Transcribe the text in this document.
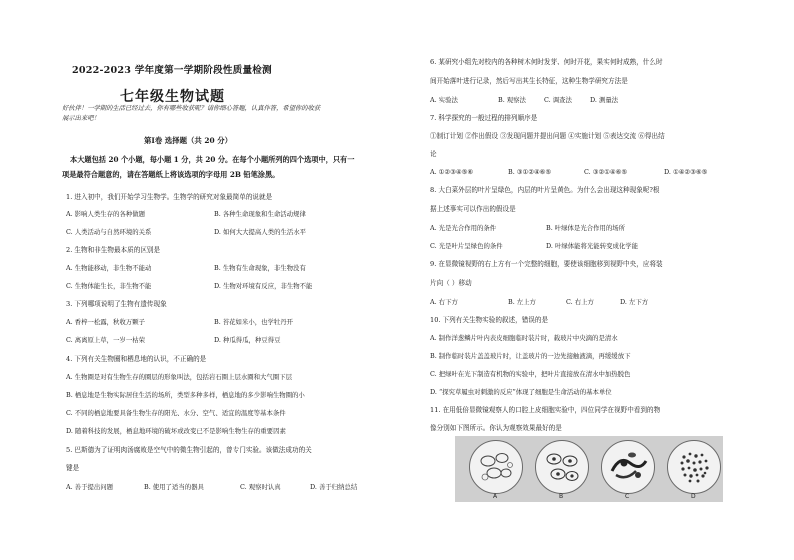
2022-2023 学年度第一学期阶段性质量检测
七年级生物试题
好伙伴！一学期的生活已经过去，你有哪些收获呢？请你细心答题，认真作答，希望你的收获
展示出来吧！
第Ⅰ卷 选择题（共 20 分）
本大题包括 20 个小题，每小题 1 分，共 20 分。在每个小题所列的四个选项中，只有一
项是最符合题意的，请在答题纸上将该选项的字母用 2B 铅笔涂黑。
1. 进入初中，我们开始学习生物学。生物学的研究对象最简单的说就是
A. 影响人类生存的各种做题	B. 各种生命现象和生命活动规律
C. 人类活动与自然环境的关系	D. 如何大大提高人类的生活水平
2. 生物和非生物最本质的区别是
A. 生物能移动，非生物不能动	B. 生物有生命现象，非生物没有
C. 生物体能生长，非生物不能	D. 生物对环境有反应，非生物不能
3. 下列哪项说明了生物有遗传现象
A. 香梓一松露，秋收万颗子	B. 苔花如米小，也学牡丹开
C. 离离原上草，一岁一枯荣	D. 种瓜得瓜，种豆得豆
4. 下列有关生物圈和栖息地的认识，不正确的是
A. 生物圈是对有生物生存的圈层的形象叫法，包括岩石圈上层水圈和大气圈下层
B. 栖息地是生物实际居住生活的场所，类型多种多样，栖息地的多少影响生物圈的小
C. 不同的栖息地要具备生物生存的阳光、水分、空气、适宜的温度等基本条件
D. 随着科技的发展，栖息地环境的破坏或改变已不是影响生物生存的重要因素
5. 巴斯德为了证明肉汤腐败是空气中的微生物引起的，曾专门实验。该做法成功的关
键是
A. 善于提出问题	B. 使用了适当的器具	C. 观察时认真	D. 善于归纳总结
6. 某研究小组先对校内的各种树木何时发芽、何时开花，果实何时成熟，什么时
间开始落叶进行记录，然后写出其生长特征，这种生物学研究方法是
A. 实验法	B. 观察法	C. 调查法	D. 测量法
7. 科学探究的一般过程的排列顺序是
①制订计划 ②作出假设 ③发现问题并提出问题 ④实施计划 ⑤表达交流 ⑥得出结
论
A. ①②③④⑤⑥	B. ③①②④⑥⑤	C. ③②①④⑥⑤	D. ①④②③⑥⑤
8. 大白菜外层的叶片呈绿色，内层的叶片呈黄色。为什么会出现这种现象呢?根
据上述事实可以作出的假设是
A. 光是光合作用的条件	B. 叶绿体是光合作用的场所
C. 光是叶片呈绿色的条件	D. 叶绿体能将光能转变成化学能
9. 在显微镜视野的右上方有一个完整的细胞，要使该细胞移到视野中央，应将装
片向（ ）移动
A. 右下方	B. 左上方	C. 右上方	D. 左下方
10. 下列有关生物实验的叙述，错误的是
A. 制作洋葱鳞片叶内表皮细胞临时装片时，载玻片中央滴的是清水
B. 制作临时装片盖盖玻片时，让盖玻片的一边先接触液滴，再缓缓放下
C. 把绿叶在光下制造有机物的实验中，把叶片直接放在清水中加热脱色
D. “探究草履虫对刺激的反应”体现了细胞是生命活动的基本单位
11. 在用低倍显微镜观察人的口腔上皮细胞实验中，四位同学在视野中看到的物
像分别如下图所示。你认为观察效果最好的是
A	B	C	D
